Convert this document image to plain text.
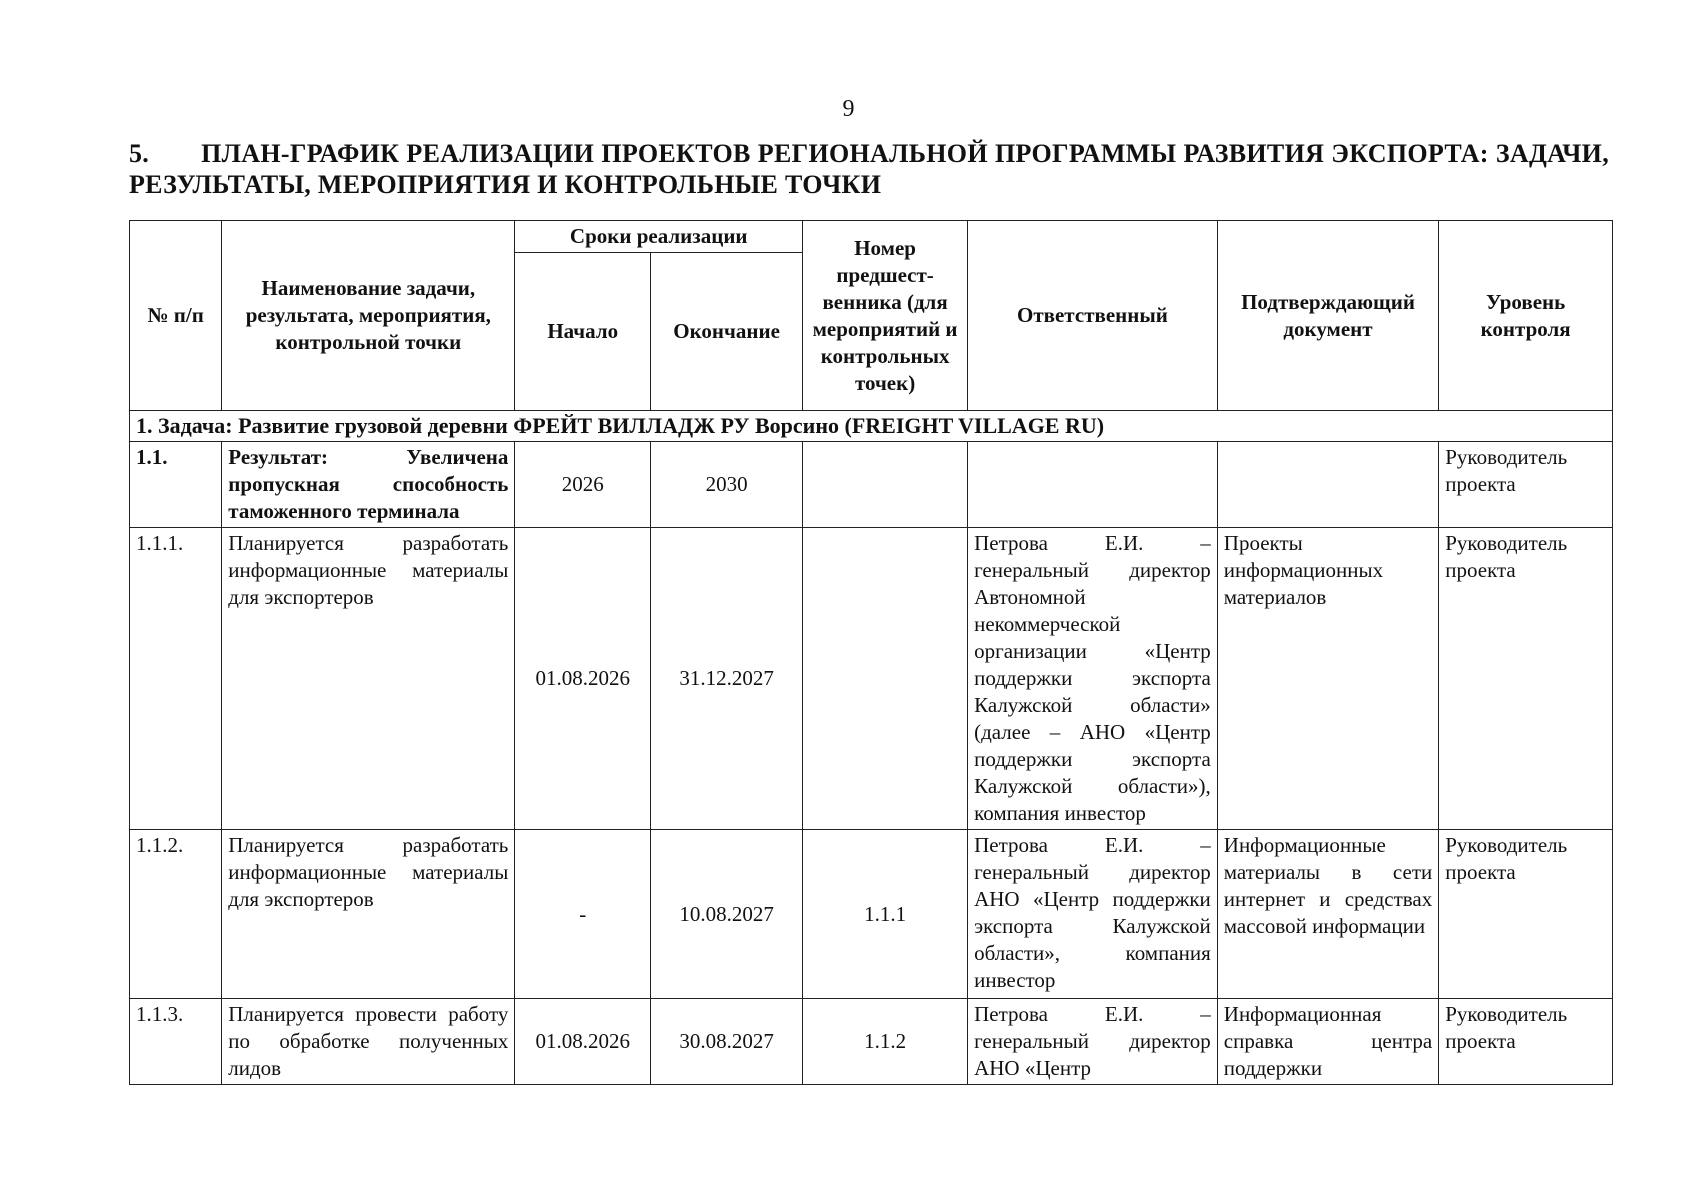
9
5. ПЛАН-ГРАФИК РЕАЛИЗАЦИИ ПРОЕКТОВ РЕГИОНАЛЬНОЙ ПРОГРАММЫ РАЗВИТИЯ ЭКСПОРТА: ЗАДАЧИ,
РЕЗУЛЬТАТЫ, МЕРОПРИЯТИЯ И КОНТРОЛЬНЫЕ ТОЧКИ
№ п/п	Наименование задачи, результата, мероприятия, контрольной точки	Сроки реализации		Номер предшест-венника (для мероприятий и контрольных точек)	Ответственный	Подтверждающий документ	Уровень контроля
		Начало	Окончание				
1. Задача: Развитие грузовой деревни ФРЕЙТ ВИЛЛАДЖ РУ Ворсино (FREIGHT VILLAGE RU)							
1.1.	Результат: Увеличена пропускная способность таможенного терминала	2026	2030				Руководитель проекта
1.1.1.	Планируется разработать информационные материалы для экспортеров	01.08.2026	31.12.2027		Петрова Е.И. – генеральный директор Автономной некоммерческой организации «Центр поддержки экспорта Калужской области» (далее – АНО «Центр поддержки экспорта Калужской области»), компания инвестор	Проекты информационных материалов	Руководитель проекта
1.1.2.	Планируется разработать информационные материалы для экспортеров	-	10.08.2027	1.1.1	Петрова Е.И. – генеральный директор АНО «Центр поддержки экспорта Калужской области», компания инвестор	Информационные материалы в сети интернет и средствах массовой информации	Руководитель проекта
1.1.3.	Планируется провести работу по обработке полученных лидов	01.08.2026	30.08.2027	1.1.2	Петрова Е.И. – генеральный директор АНО «Центр	Информационная справка центра поддержки	Руководитель проекта
